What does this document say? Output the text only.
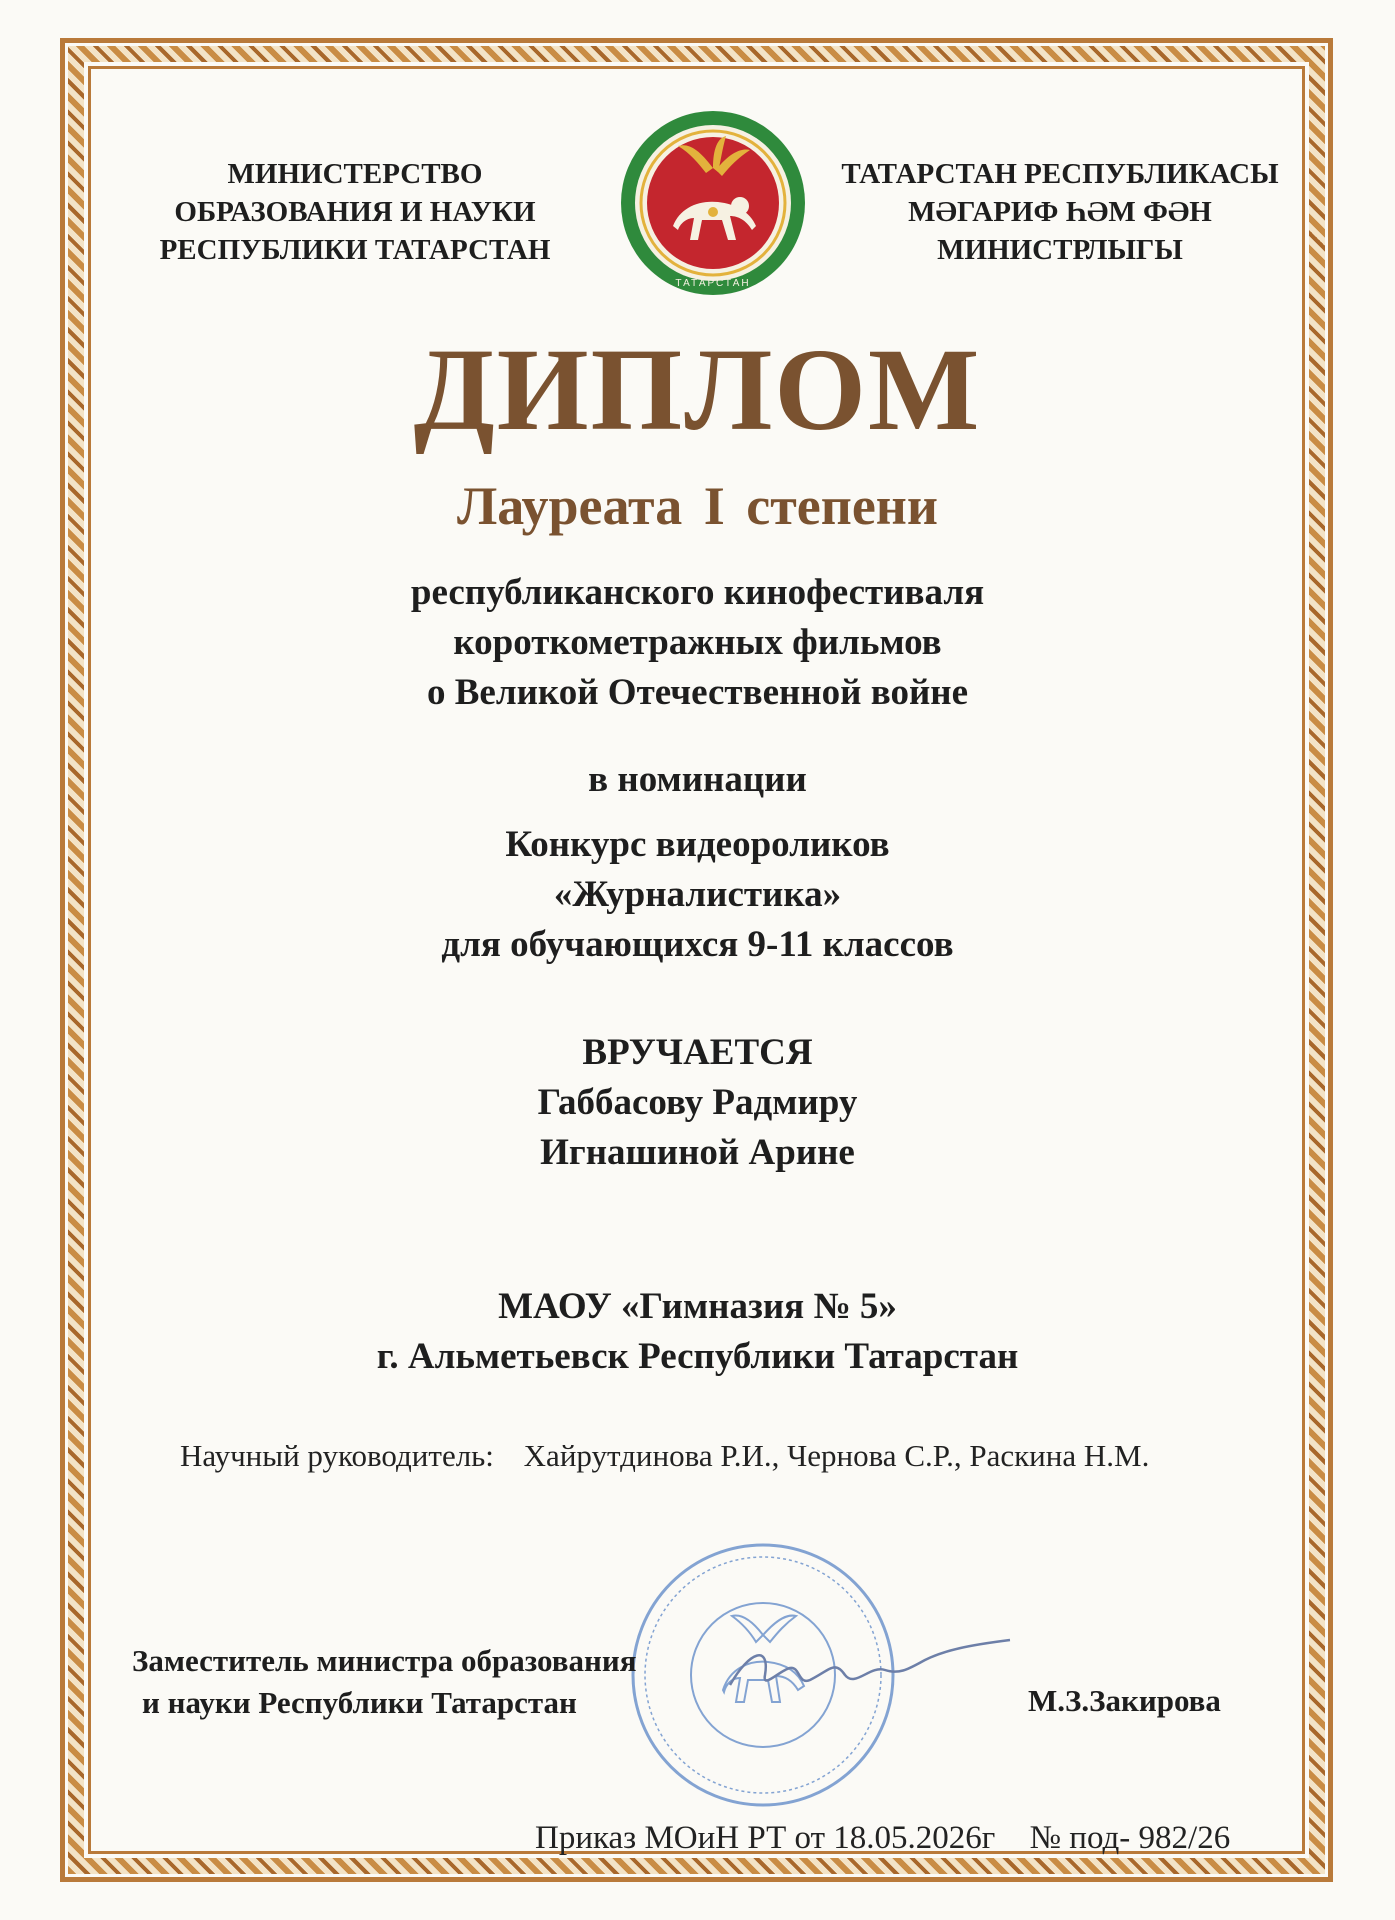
МИНИСТЕРСТВО
ОБРАЗОВАНИЯ И НАУКИ
РЕСПУБЛИКИ ТАТАРСТАН
ТАТАРСТАН
ТАТАРСТАН РЕСПУБЛИКАСЫ
МӘГАРИФ ҺӘМ ФӘН
МИНИСТРЛЫГЫ
ДИПЛОМ
Лауреата I степени
республиканского кинофестиваля
короткометражных фильмов
о Великой Отечественной войне
в номинации
Конкурс видеороликов
«Журналистика»
для обучающихся 9-11 классов
ВРУЧАЕТСЯ
Габбасову Радмиру
Игнашиной Арине
МАОУ «Гимназия № 5»
г. Альметьевск Республики Татарстан
Научный руководитель: Хайрутдинова Р.И., Чернова С.Р., Раскина Н.М.
Заместитель министра образования
и науки Республики Татарстан	М.З.Закирова
Приказ МОиН РТ от 18.05.2026г № под- 982/26
